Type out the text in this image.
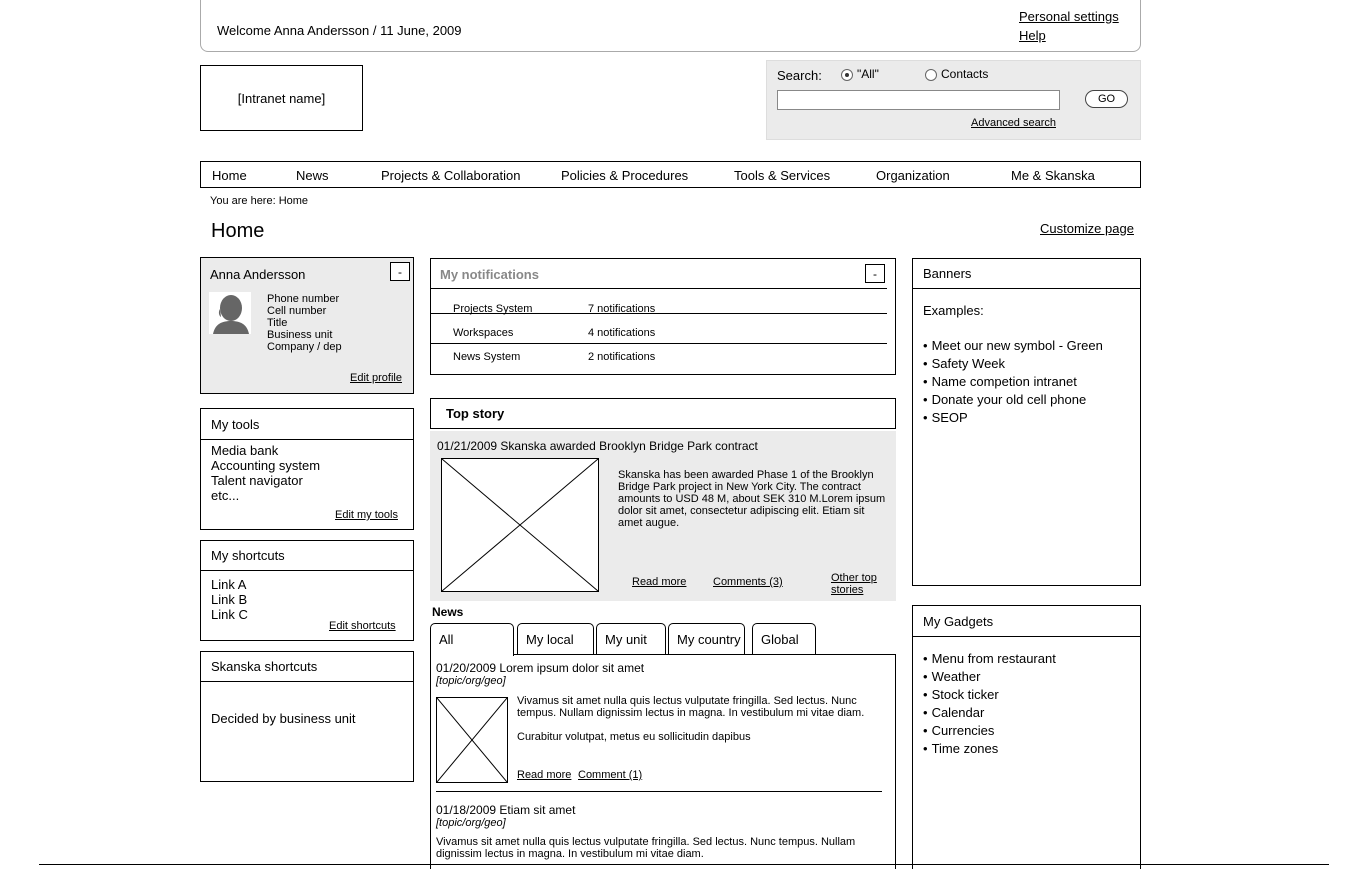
Welcome Anna Andersson / 11 June, 2009
Personal settings
Help
[Intranet name]
Search:	"All"	Contacts
GO
Advanced search
Home	News	Projects & Collaboration	Policies & Procedures	Tools & Services	Organization	Me & Skanska
You are here: Home
Home	Customize page
Anna Andersson	-
Phone number
Cell number
Title
Business unit
Company / dep
Edit profile
My tools
Media bank
Accounting system
Talent navigator
etc...
Edit my tools
My shortcuts
Link A
Link B
Link C
Edit shortcuts
Skanska shortcuts
Decided by business unit
My notifications	-
Projects System	7 notifications
Workspaces	4 notifications
News System	2 notifications
Top story
01/21/2009 Skanska awarded Brooklyn Bridge Park contract
Skanska has been awarded Phase 1 of the Brooklyn Bridge Park project in New York City. The contract amounts to USD 48 M, about SEK 310 M.Lorem ipsum dolor sit amet, consectetur adipiscing elit. Etiam sit amet augue.
Read more Comments (3)	Other top stories
News
All	My local	My unit	My country	Global
01/20/2009 Lorem ipsum dolor sit amet
[topic/org/geo]
Vivamus sit amet nulla quis lectus vulputate fringilla. Sed lectus. Nunc tempus. Nullam dignissim lectus in magna. In vestibulum mi vitae diam.
Curabitur volutpat, metus eu sollicitudin dapibus
Read more Comment (1)
01/18/2009 Etiam sit amet
[topic/org/geo]
Vivamus sit amet nulla quis lectus vulputate fringilla. Sed lectus. Nunc tempus. Nullam dignissim lectus in magna. In vestibulum mi vitae diam.
Banners
Examples:
• Meet our new symbol - Green
• Safety Week
• Name competion intranet
• Donate your old cell phone
• SEOP
My Gadgets
• Menu from restaurant
• Weather
• Stock ticker
• Calendar
• Currencies
• Time zones
